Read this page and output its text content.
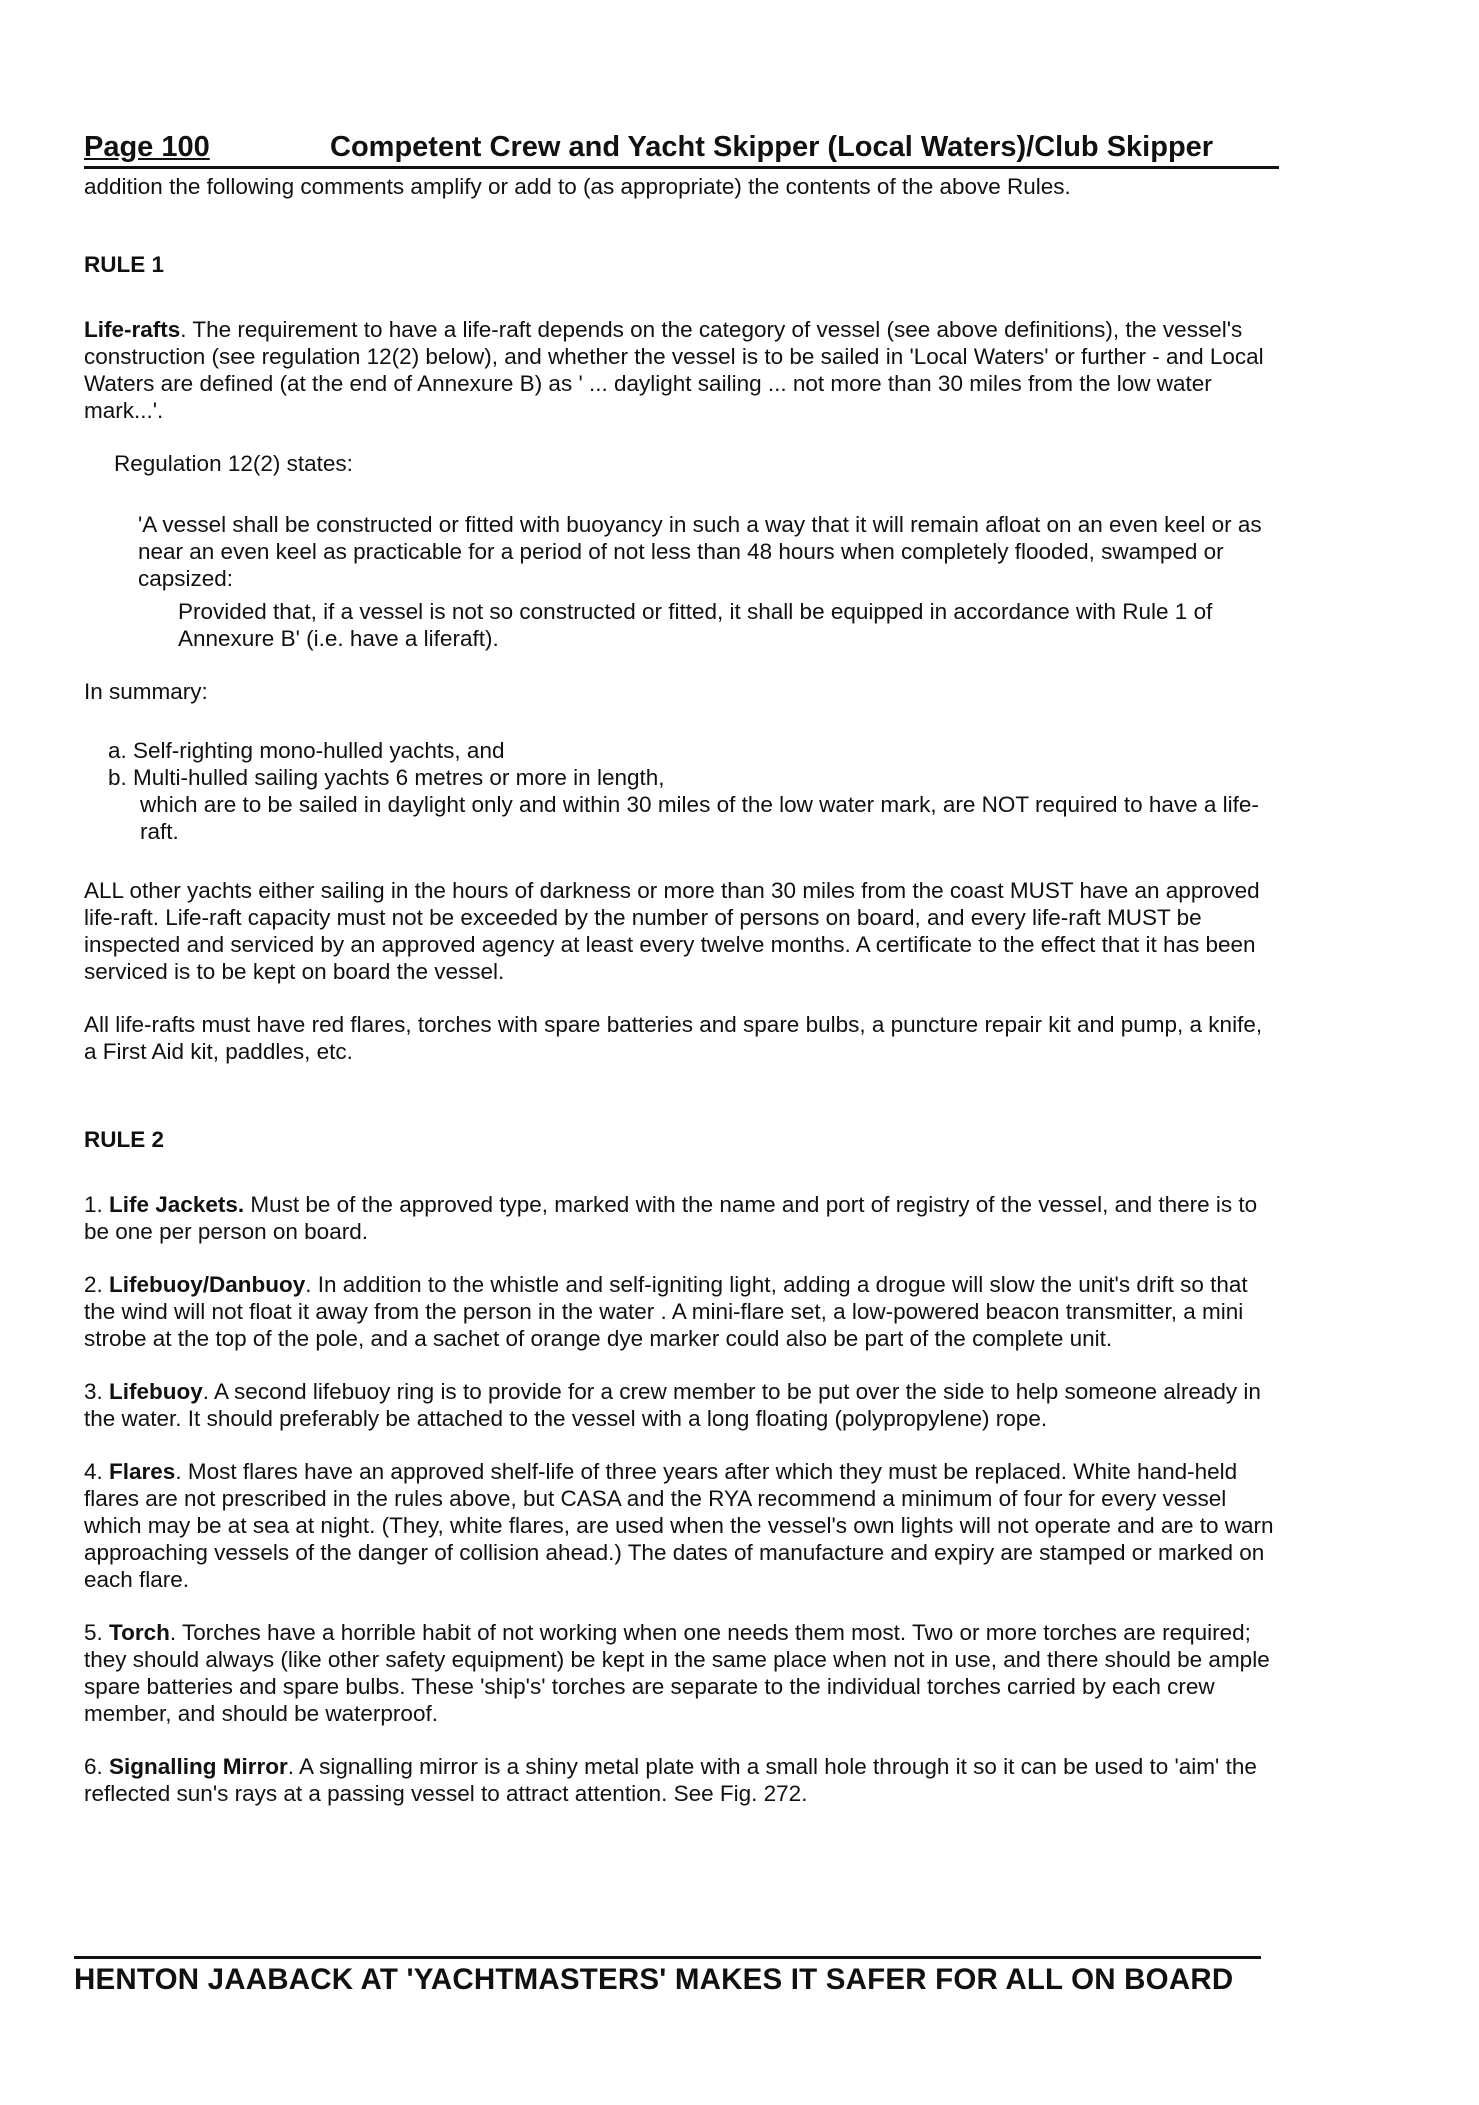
Page 100	Competent Crew and Yacht Skipper (Local Waters)/Club Skipper

addition the following comments amplify or add to (as appropriate) the contents of the above Rules.

RULE 1

Life-rafts. The requirement to have a life-raft depends on the category of vessel (see above definitions), the vessel's construction (see regulation 12(2) below), and whether the vessel is to be sailed in 'Local Waters' or further - and Local Waters are defined (at the end of Annexure B) as ' ... daylight sailing ... not more than 30 miles from the low water mark...'.

Regulation 12(2) states:

'A vessel shall be constructed or fitted with buoyancy in such a way that it will remain afloat on an even keel or as near an even keel as practicable for a period of not less than 48 hours when completely flooded, swamped or capsized:

Provided that, if a vessel is not so constructed or fitted, it shall be equipped in accordance with Rule 1 of Annexure B' (i.e. have a liferaft).

In summary:

a. Self-righting mono-hulled yachts, and

b. Multi-hulled sailing yachts 6 metres or more in length,

which are to be sailed in daylight only and within 30 miles of the low water mark, are NOT required to have a life-raft.

ALL other yachts either sailing in the hours of darkness or more than 30 miles from the coast MUST have an approved life-raft. Life-raft capacity must not be exceeded by the number of persons on board, and every life-raft MUST be inspected and serviced by an approved agency at least every twelve months. A certificate to the effect that it has been serviced is to be kept on board the vessel.

All life-rafts must have red flares, torches with spare batteries and spare bulbs, a puncture repair kit and pump, a knife, a First Aid kit, paddles, etc.

RULE 2

1. Life Jackets. Must be of the approved type, marked with the name and port of registry of the vessel, and there is to be one per person on board.

2. Lifebuoy/Danbuoy. In addition to the whistle and self-igniting light, adding a drogue will slow the unit's drift so that the wind will not float it away from the person in the water . A mini-flare set, a low-powered beacon transmitter, a mini strobe at the top of the pole, and a sachet of orange dye marker could also be part of the complete unit.

3. Lifebuoy. A second lifebuoy ring is to provide for a crew member to be put over the side to help someone already in the water. It should preferably be attached to the vessel with a long floating (polypropylene) rope.

4. Flares. Most flares have an approved shelf-life of three years after which they must be replaced. White hand-held flares are not prescribed in the rules above, but CASA and the RYA recommend a minimum of four for every vessel which may be at sea at night. (They, white flares, are used when the vessel's own lights will not operate and are to warn approaching vessels of the danger of collision ahead.) The dates of manufacture and expiry are stamped or marked on each flare.

5. Torch. Torches have a horrible habit of not working when one needs them most. Two or more torches are required; they should always (like other safety equipment) be kept in the same place when not in use, and there should be ample spare batteries and spare bulbs. These 'ship's' torches are separate to the individual torches carried by each crew member, and should be waterproof.

6. Signalling Mirror. A signalling mirror is a shiny metal plate with a small hole through it so it can be used to 'aim' the reflected sun's rays at a passing vessel to attract attention. See Fig. 272.

HENTON JAABACK AT 'YACHTMASTERS' MAKES IT SAFER FOR ALL ON BOARD
